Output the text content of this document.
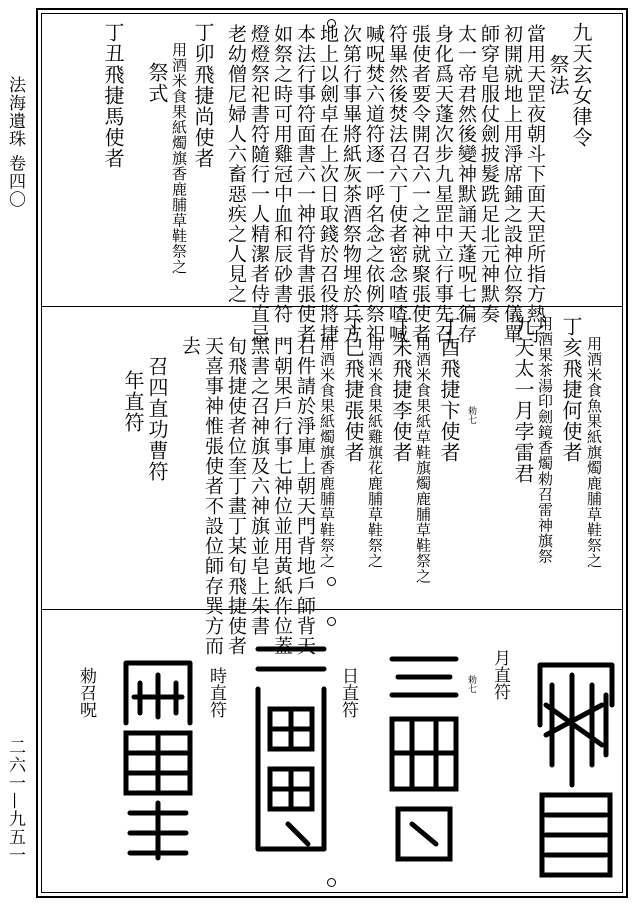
法海遺珠 卷四〇
二六一—九五一
九天玄女律令
祭法
當用天罡夜朝斗下面天罡所指方熱子
初開就地上用淨席鋪之設神位祭儀單
師穿皂服仗劍披髮跣足北元神默奏
太一帝君然後變神默誦天蓬呪七徧存
身化爲天蓬次步九星罡中立行事先召
張使者要令開召六一之神就聚張使者
符畢然後焚法召六丁使者密念喳喳喊
喊呪焚六道符逐一呼名念之依例祭祀
次第行事畢將紙灰茶酒祭物埋於兵方
地上以劍卓在上次日取錢於召役將捷
本法行事符面書六一神符背書張使者
如祭之時可用雞冠中血和辰砂書符
燈燈祭祀書符隨行一人精潔者侍直忌
老幼僧尼婦人六畜惡疾之人見之
丁卯飛捷尚使者
用酒米食果紙燭旗香鹿脯草鞋祭之
祭式
丁丑飛捷馬使者
用酒米食魚果紙旗燭鹿脯草鞋祭之
丁亥飛捷何使者
用酒果茶湯印劍鏡香燭勑召雷神旗祭
九天太一月孛雷君
勅七
丁酉飛捷卞使者
用酒米食果紙草鞋旗燭鹿脯草鞋祭之
丁未飛捷李使者
用酒米食果紙雞旗花鹿脯草鞋祭之
丁巳飛捷張使者
用酒米食果紙燭旗香鹿脯草鞋祭之
右件請於淨庫上朝天門背地戶師背天
門朝果戶行事七神位並用黃紙作位蓋
黑書之召神旗及六神旗並皂上朱書
旬飛捷使者位奎丁畫丁某旬飛捷使者
天喜事神惟張使者不設位師存巽方而
去
召四直功曹符
年直符
月直符
勅七
日直符
時直符
勑召呪
